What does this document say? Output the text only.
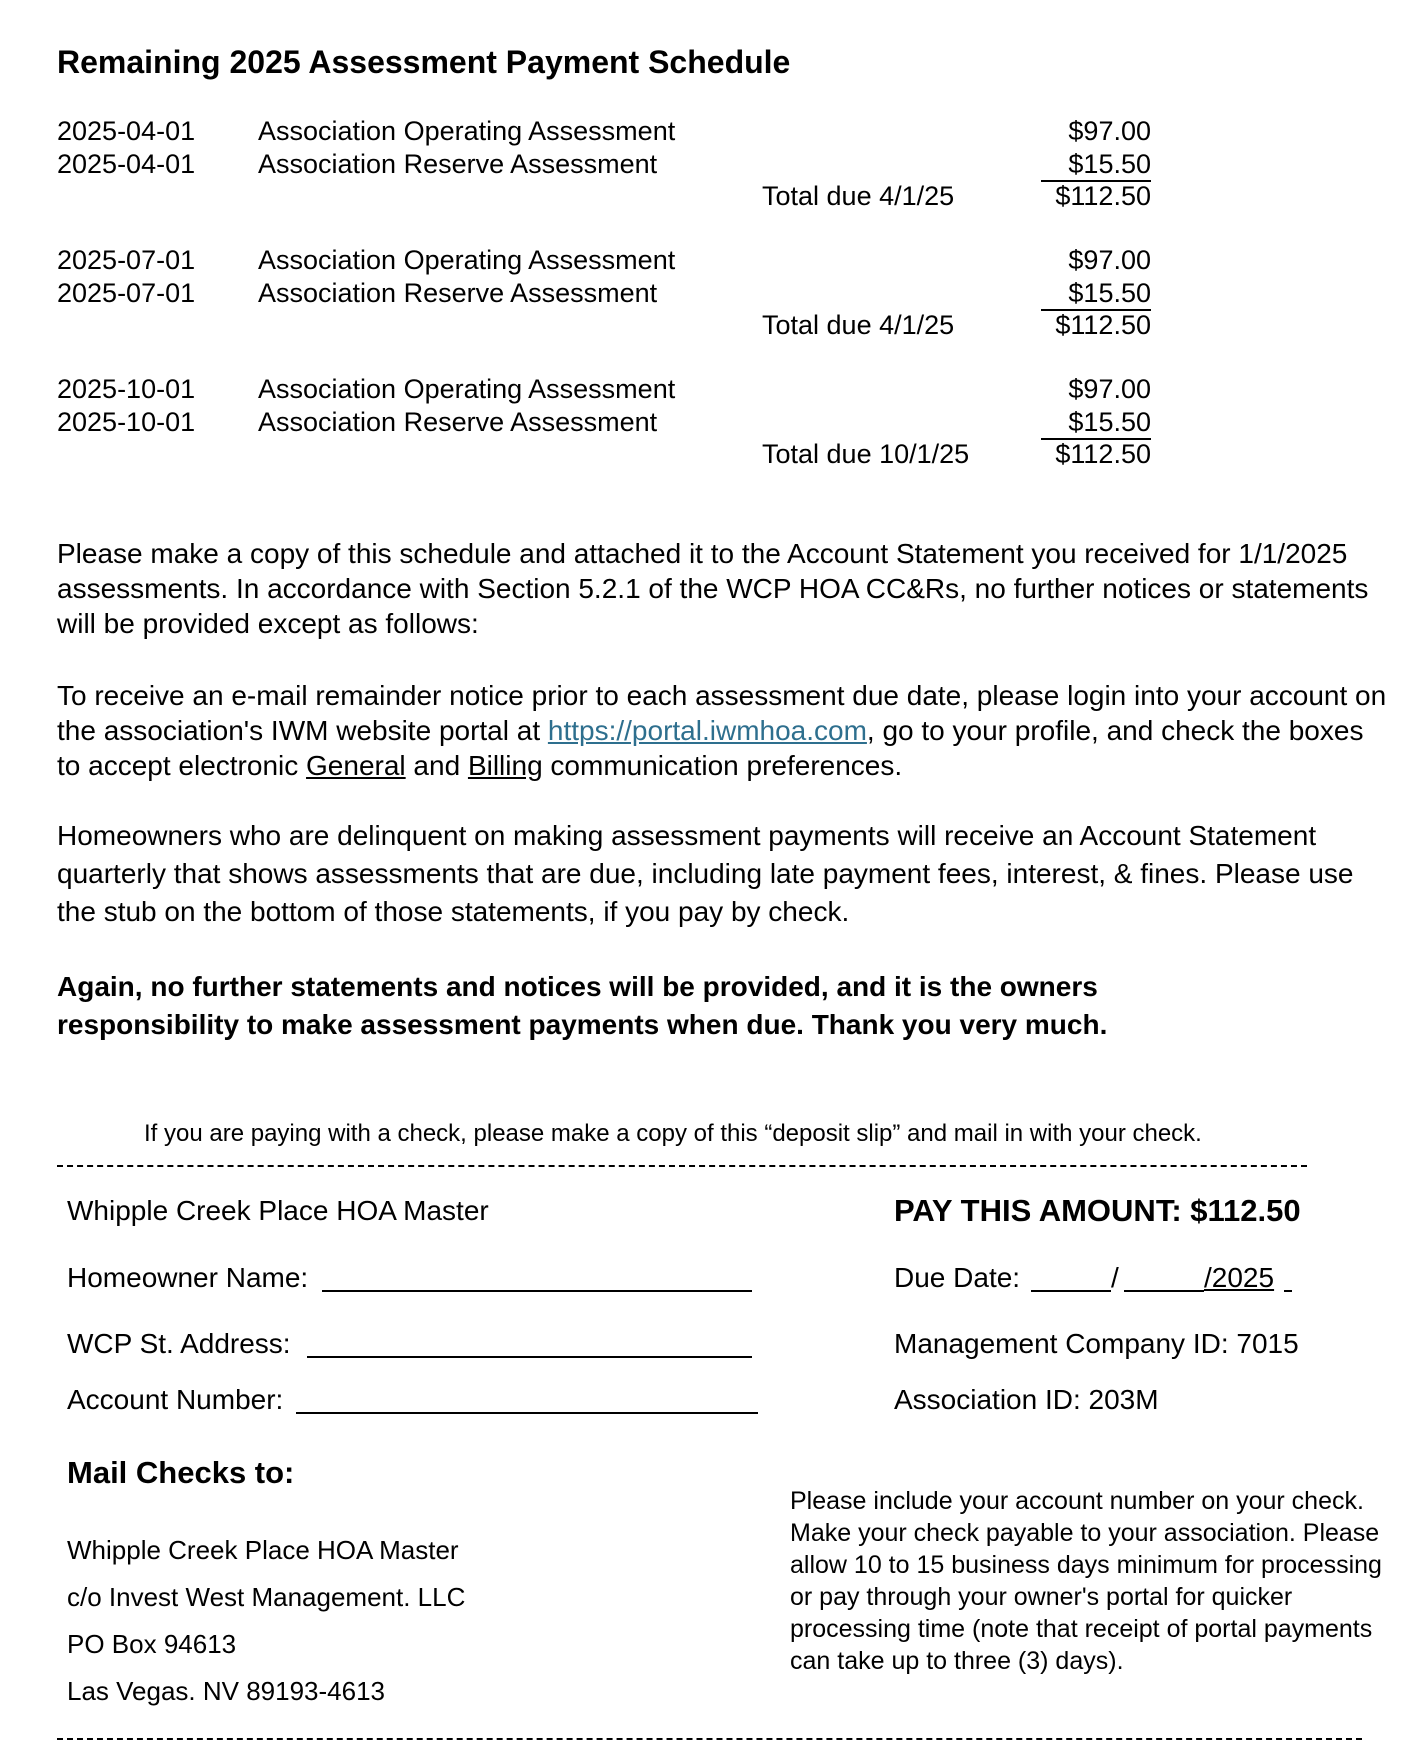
Remaining 2025 Assessment Payment Schedule
2025-04-01 Association Operating Assessment	$97.00
2025-04-01 Association Reserve Assessment	$15.50
Total due 4/1/25	$112.50
2025-07-01 Association Operating Assessment	$97.00
2025-07-01 Association Reserve Assessment	$15.50
Total due 4/1/25	$112.50
2025-10-01 Association Operating Assessment	$97.00
2025-10-01 Association Reserve Assessment	$15.50
Total due 10/1/25	$112.50
Please make a copy of this schedule and attached it to the Account Statement you received for 1/1/2025 assessments. In accordance with Section 5.2.1 of the WCP HOA CC&Rs, no further notices or statements will be provided except as follows:
To receive an e-mail remainder notice prior to each assessment due date, please login into your account on the association's IWM website portal at https://portal.iwmhoa.com, go to your profile, and check the boxes to accept electronic General and Billing communication preferences.
Homeowners who are delinquent on making assessment payments will receive an Account Statement quarterly that shows assessments that are due, including late payment fees, interest, & fines. Please use the stub on the bottom of those statements, if you pay by check.
Again, no further statements and notices will be provided, and it is the owners responsibility to make assessment payments when due. Thank you very much.
If you are paying with a check, please make a copy of this “deposit slip” and mail in with your check.
Whipple Creek Place HOA Master	PAY THIS AMOUNT: $112.50
Homeowner Name:
WCP St. Address:
Account Number:
Due Date:	/	/2025
Management Company ID: 7015
Association ID: 203M
Mail Checks to:
Whipple Creek Place HOA Master
c/o Invest West Management. LLC
PO Box 94613
Las Vegas. NV 89193-4613
Please include your account number on your check. Make your check payable to your association. Please allow 10 to 15 business days minimum for processing or pay through your owner's portal for quicker processing time (note that receipt of portal payments can take up to three (3) days).
